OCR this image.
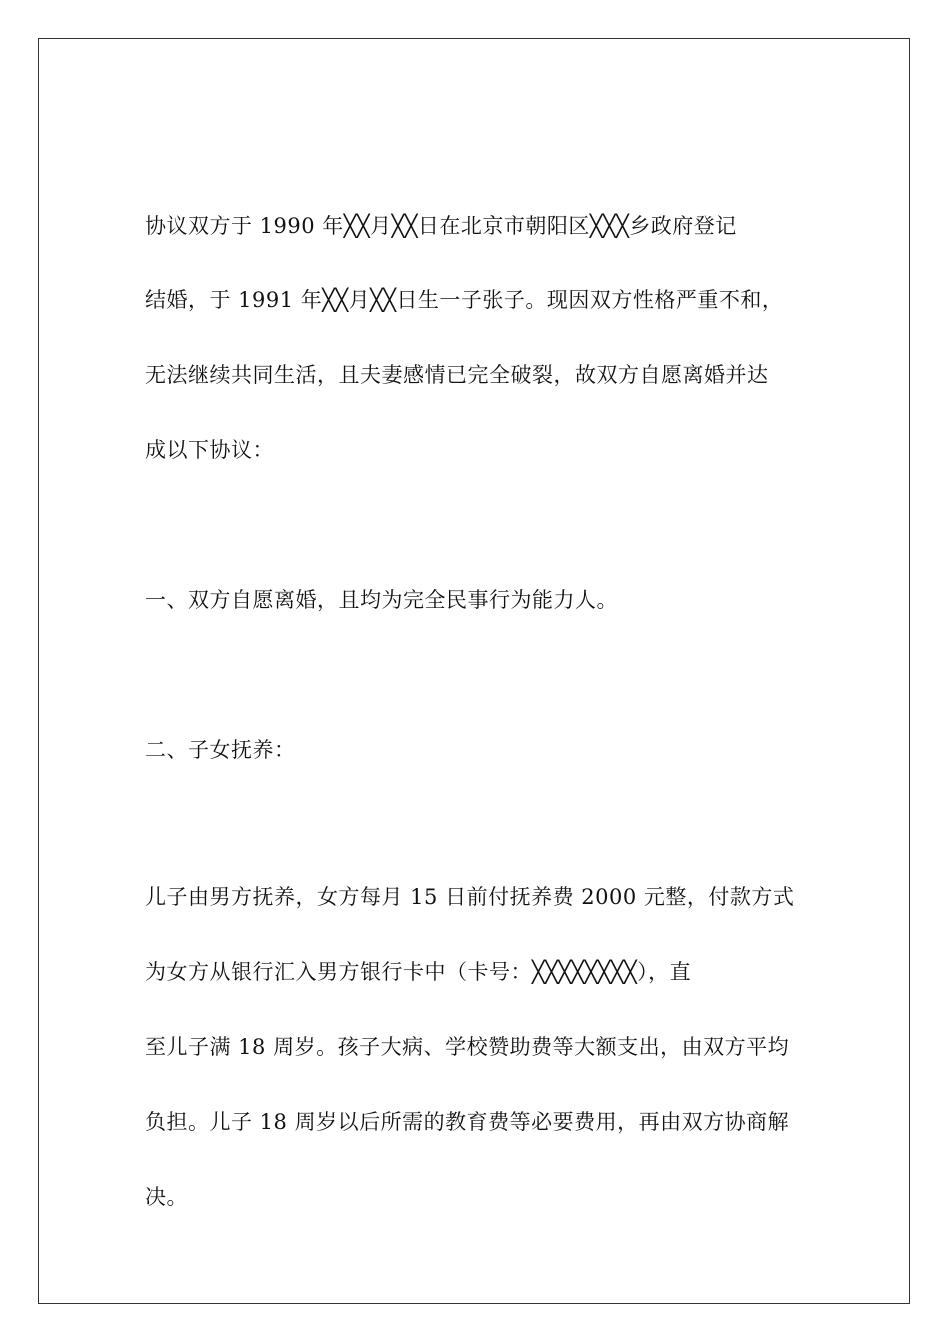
协议双方于 1990 年╳╳月╳╳日在北京市朝阳区╳╳╳乡政府登记
结婚，于 1991 年╳╳月╳╳日生一子张子。现因双方性格严重不和，
无法继续共同生活，且夫妻感情已完全破裂，故双方自愿离婚并达
成以下协议：
一、双方自愿离婚，且均为完全民事行为能力人。
二、子女抚养：
儿子由男方抚养，女方每月 15 日前付抚养费 2000 元整，付款方式
为女方从银行汇入男方银行卡中（卡号：╳╳╳╳╳╳╳╳），直
至儿子满 18 周岁。孩子大病、学校赞助费等大额支出，由双方平均
负担。儿子 18 周岁以后所需的教育费等必要费用，再由双方协商解
决。
